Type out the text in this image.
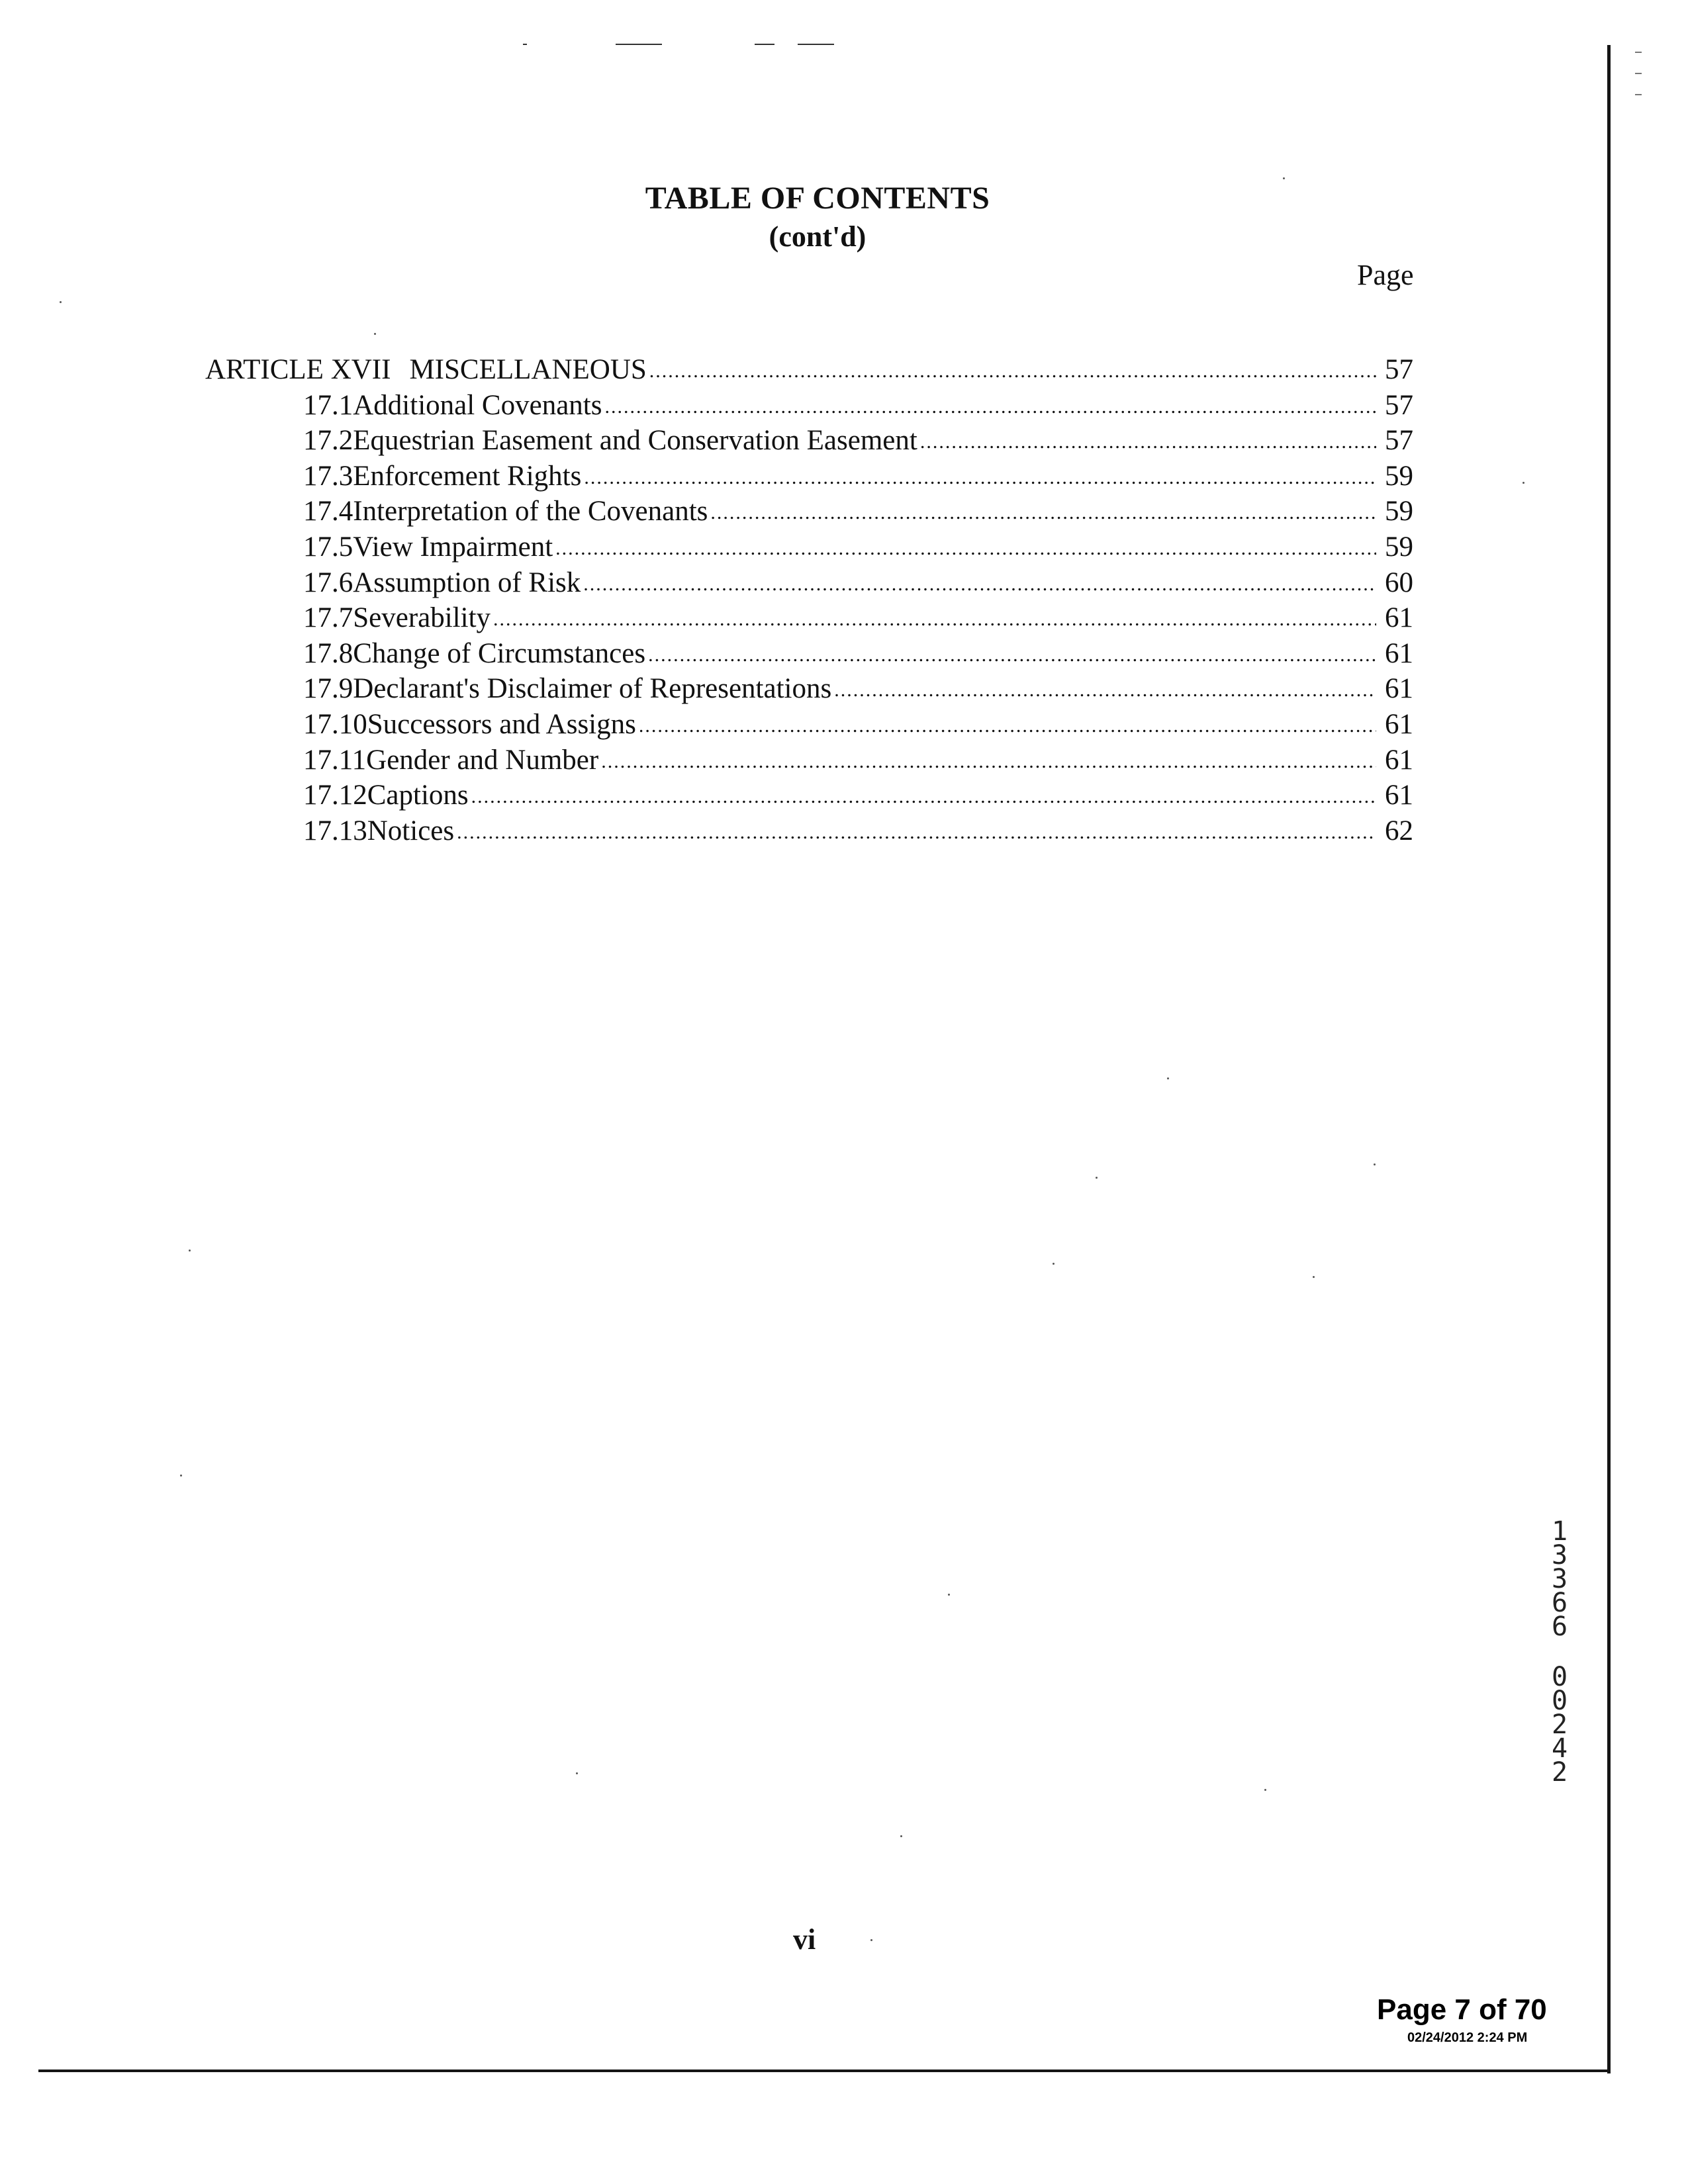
TABLE OF CONTENTS
(cont'd)
Page
ARTICLE XVII MISCELLANEOUS .....	57
17.1 Additional Covenants .....	57
17.2 Equestrian Easement and Conservation Easement .....	57
17.3 Enforcement Rights .....	59
17.4 Interpretation of the Covenants .....	59
17.5 View Impairment .....	59
17.6 Assumption of Risk .....	60
17.7 Severability .....	61
17.8 Change of Circumstances .....	61
17.9 Declarant's Disclaimer of Representations .....	61
17.10 Successors and Assigns .....	61
17.11 Gender and Number .....	61
17.12 Captions .....	61
17.13 Notices .....	62
1
3
3
6
6
0
0
2
4
2
vi
Page 7 of 70
02/24/2012 2:24 PM
